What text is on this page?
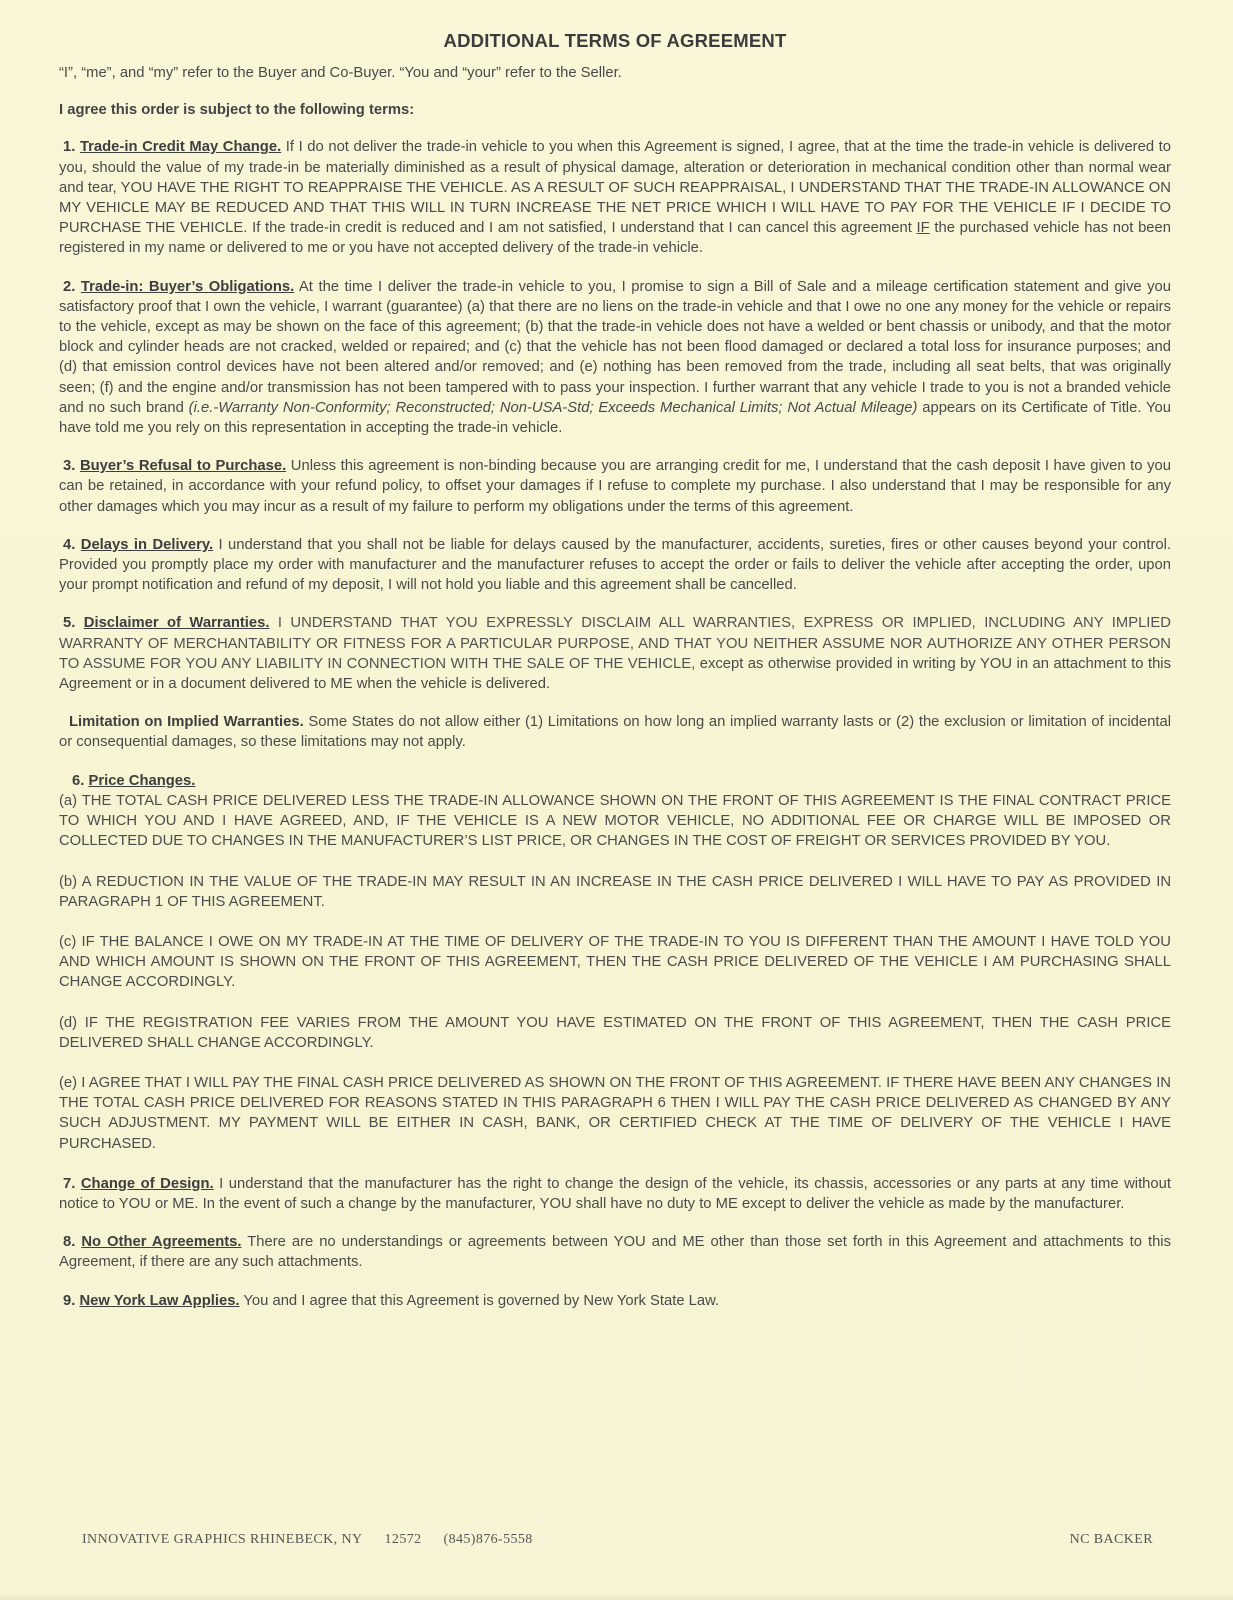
ADDITIONAL TERMS OF AGREEMENT

“I”, “me”, and “my” refer to the Buyer and Co-Buyer. “You and “your” refer to the Seller.

I agree this order is subject to the following terms:

1. Trade-in Credit May Change. If I do not deliver the trade-in vehicle to you when this Agreement is signed, I agree, that at the time the trade-in vehicle is delivered to you, should the value of my trade-in be materially diminished as a result of physical damage, alteration or deterioration in mechanical condition other than normal wear and tear, YOU HAVE THE RIGHT TO REAPPRAISE THE VEHICLE. AS A RESULT OF SUCH REAPPRAISAL, I UNDERSTAND THAT THE TRADE-IN ALLOWANCE ON MY VEHICLE MAY BE REDUCED AND THAT THIS WILL IN TURN INCREASE THE NET PRICE WHICH I WILL HAVE TO PAY FOR THE VEHICLE IF I DECIDE TO PURCHASE THE VEHICLE. If the trade-in credit is reduced and I am not satisfied, I understand that I can cancel this agreement IF the purchased vehicle has not been registered in my name or delivered to me or you have not accepted delivery of the trade-in vehicle.

2. Trade-in: Buyer’s Obligations. At the time I deliver the trade-in vehicle to you, I promise to sign a Bill of Sale and a mileage certification statement and give you satisfactory proof that I own the vehicle, I warrant (guarantee) (a) that there are no liens on the trade-in vehicle and that I owe no one any money for the vehicle or repairs to the vehicle, except as may be shown on the face of this agreement; (b) that the trade-in vehicle does not have a welded or bent chassis or unibody, and that the motor block and cylinder heads are not cracked, welded or repaired; and (c) that the vehicle has not been flood damaged or declared a total loss for insurance purposes; and (d) that emission control devices have not been altered and/or removed; and (e) nothing has been removed from the trade, including all seat belts, that was originally seen; (f) and the engine and/or transmission has not been tampered with to pass your inspection. I further warrant that any vehicle I trade to you is not a branded vehicle and no such brand (i.e.-Warranty Non-Conformity; Reconstructed; Non-USA-Std; Exceeds Mechanical Limits; Not Actual Mileage) appears on its Certificate of Title. You have told me you rely on this representation in accepting the trade-in vehicle.

3. Buyer’s Refusal to Purchase. Unless this agreement is non-binding because you are arranging credit for me, I understand that the cash deposit I have given to you can be retained, in accordance with your refund policy, to offset your damages if I refuse to complete my purchase. I also understand that I may be responsible for any other damages which you may incur as a result of my failure to perform my obligations under the terms of this agreement.

4. Delays in Delivery. I understand that you shall not be liable for delays caused by the manufacturer, accidents, sureties, fires or other causes beyond your control. Provided you promptly place my order with manufacturer and the manufacturer refuses to accept the order or fails to deliver the vehicle after accepting the order, upon your prompt notification and refund of my deposit, I will not hold you liable and this agreement shall be cancelled.

5. Disclaimer of Warranties. I UNDERSTAND THAT YOU EXPRESSLY DISCLAIM ALL WARRANTIES, EXPRESS OR IMPLIED, INCLUDING ANY IMPLIED WARRANTY OF MERCHANTABILITY OR FITNESS FOR A PARTICULAR PURPOSE, AND THAT YOU NEITHER ASSUME NOR AUTHORIZE ANY OTHER PERSON TO ASSUME FOR YOU ANY LIABILITY IN CONNECTION WITH THE SALE OF THE VEHICLE, except as otherwise provided in writing by YOU in an attachment to this Agreement or in a document delivered to ME when the vehicle is delivered.

Limitation on Implied Warranties. Some States do not allow either (1) Limitations on how long an implied warranty lasts or (2) the exclusion or limitation of incidental or consequential damages, so these limitations may not apply.

6. Price Changes.

(a) THE TOTAL CASH PRICE DELIVERED LESS THE TRADE-IN ALLOWANCE SHOWN ON THE FRONT OF THIS AGREEMENT IS THE FINAL CONTRACT PRICE TO WHICH YOU AND I HAVE AGREED, AND, IF THE VEHICLE IS A NEW MOTOR VEHICLE, NO ADDITIONAL FEE OR CHARGE WILL BE IMPOSED OR COLLECTED DUE TO CHANGES IN THE MANUFACTURER’S LIST PRICE, OR CHANGES IN THE COST OF FREIGHT OR SERVICES PROVIDED BY YOU.

(b) A REDUCTION IN THE VALUE OF THE TRADE-IN MAY RESULT IN AN INCREASE IN THE CASH PRICE DELIVERED I WILL HAVE TO PAY AS PROVIDED IN PARAGRAPH 1 OF THIS AGREEMENT.

(c) IF THE BALANCE I OWE ON MY TRADE-IN AT THE TIME OF DELIVERY OF THE TRADE-IN TO YOU IS DIFFERENT THAN THE AMOUNT I HAVE TOLD YOU AND WHICH AMOUNT IS SHOWN ON THE FRONT OF THIS AGREEMENT, THEN THE CASH PRICE DELIVERED OF THE VEHICLE I AM PURCHASING SHALL CHANGE ACCORDINGLY.

(d) IF THE REGISTRATION FEE VARIES FROM THE AMOUNT YOU HAVE ESTIMATED ON THE FRONT OF THIS AGREEMENT, THEN THE CASH PRICE DELIVERED SHALL CHANGE ACCORDINGLY.

(e) I AGREE THAT I WILL PAY THE FINAL CASH PRICE DELIVERED AS SHOWN ON THE FRONT OF THIS AGREEMENT. IF THERE HAVE BEEN ANY CHANGES IN THE TOTAL CASH PRICE DELIVERED FOR REASONS STATED IN THIS PARAGRAPH 6 THEN I WILL PAY THE CASH PRICE DELIVERED AS CHANGED BY ANY SUCH ADJUSTMENT. MY PAYMENT WILL BE EITHER IN CASH, BANK, OR CERTIFIED CHECK AT THE TIME OF DELIVERY OF THE VEHICLE I HAVE PURCHASED.

7. Change of Design. I understand that the manufacturer has the right to change the design of the vehicle, its chassis, accessories or any parts at any time without notice to YOU or ME. In the event of such a change by the manufacturer, YOU shall have no duty to ME except to deliver the vehicle as made by the manufacturer.

8. No Other Agreements. There are no understandings or agreements between YOU and ME other than those set forth in this Agreement and attachments to this Agreement, if there are any such attachments.

9. New York Law Applies. You and I agree that this Agreement is governed by New York State Law.

INNOVATIVE GRAPHICS RHINEBECK, NY 12572 (845)876-5558	NC BACKER
